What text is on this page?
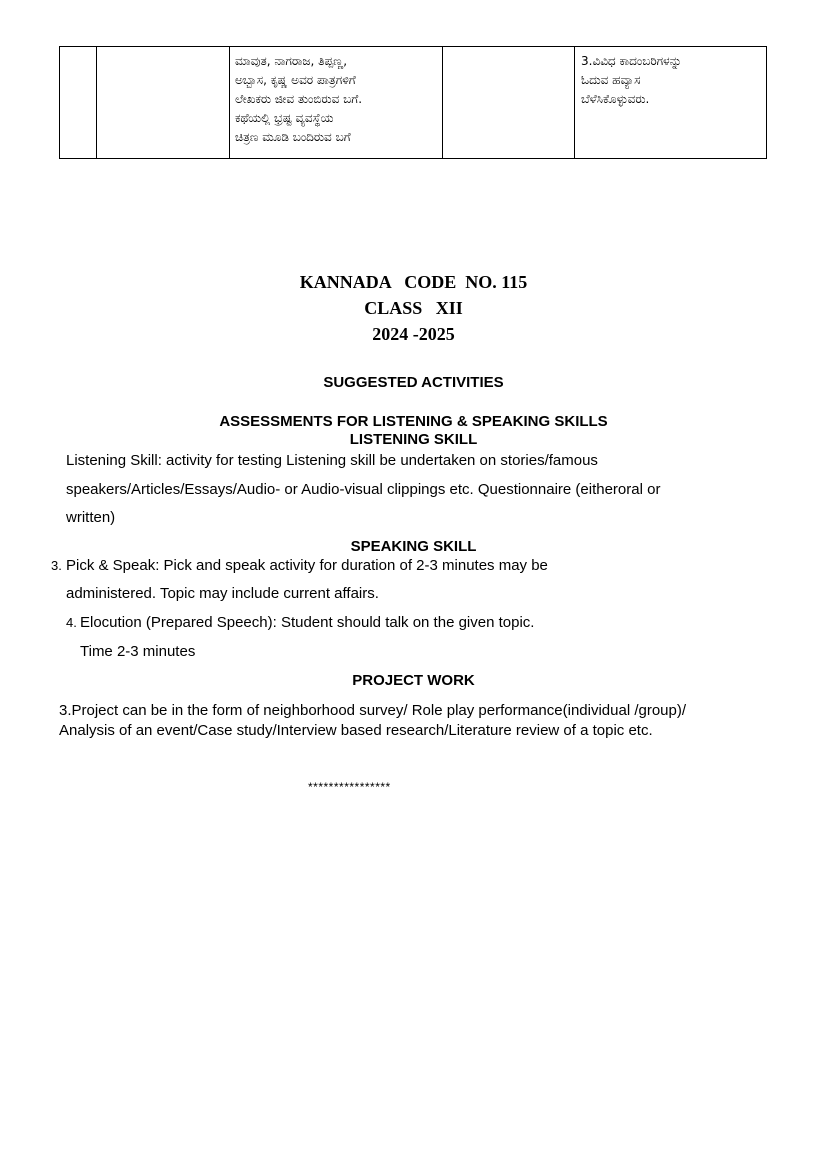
ಮಾವುತ, ನಾಗರಾಜ, ತಿಪ್ಪಣ್ಣ,
ಅಬ್ಬಾಸ, ಕೃಷ್ಣ ಅವರ ಪಾತ್ರಗಳಿಗೆ
ಲೇಖಕರು ಜೀವ ತುಂಬಿರುವ ಬಗೆ.
ಕಥೆಯಲ್ಲಿ ಭ್ರಷ್ಟ ವ್ಯವಸ್ಥೆಯ
ಚಿತ್ರಣ ಮೂಡಿ ಬಂದಿರುವ ಬಗೆ
3.ವಿವಿಧ ಕಾದಂಬರಿಗಳನ್ನು
ಓದುವ ಹವ್ಯಾಸ
ಬೆಳೆಸಿಕೊಳ್ಳುವರು.
KANNADA   CODE  NO. 115
CLASS   XII
2024 -2025
SUGGESTED ACTIVITIES
ASSESSMENTS FOR LISTENING & SPEAKING SKILLS
LISTENING SKILL
Listening Skill: activity for testing Listening skill be undertaken on stories/famous
speakers/Articles/Essays/Audio- or Audio-visual clippings etc. Questionnaire (eitheroral or
written)
SPEAKING SKILL
3. Pick & Speak: Pick and speak activity for duration of 2-3 minutes may be
administered. Topic may include current affairs.
4. Elocution (Prepared Speech): Student should talk on the given topic.
Time 2-3 minutes
PROJECT WORK
3.Project can be in the form of neighborhood survey/ Role play performance(individual /group)/
Analysis of an event/Case study/Interview based research/Literature review of a topic etc.
****************
